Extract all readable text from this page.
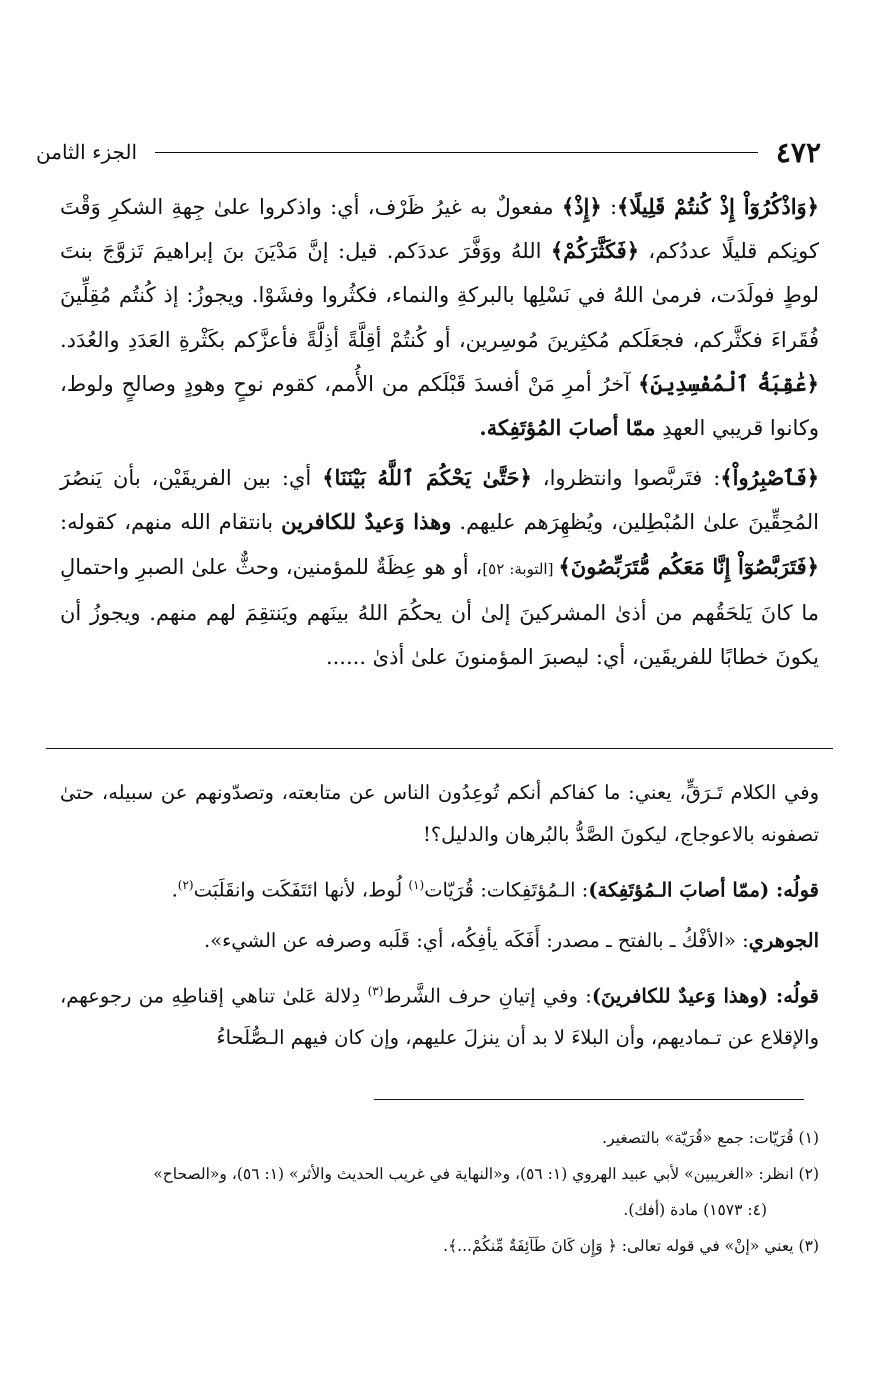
٤٧٢
الجزء الثامن

﴿وَاذْكُرُوٓاْ إِذْ كُنتُمْ قَلِيلًا﴾: ﴿إِذْ﴾ مفعولٌ به غيرُ ظَرْف، أي: واذكروا علىٰ جِهةِ الشكرِ وَقْتَ كونِكم قليلًا عددُكم، ﴿فَكَثَّرَكُمْ﴾ اللهُ ووَفَّرَ عددَكم. قيل: إنَّ مَدْيَنَ بنَ إبراهيمَ تَزوَّجَ بنتَ لوطٍ فولَدَت، فرمىٰ اللهُ في نَسْلِها بالبركةِ والنماء، فكثُروا وفشَوْا. ويجوزُ: إذ كُنتُم مُقِلِّينَ فُقَراءَ فكثَّركم، فجعَلَكم مُكثِرينَ مُوسِرين، أو كُنتُمْ أقِلَّةً أذِلَّةً فأعزَّكم بكَثْرةِ العَدَدِ والعُدَد. ﴿عَٰقِبَةُ ٱلْمُفْسِدِينَ﴾ آخرُ أمرِ مَنْ أفسدَ قَبْلَكم من الأُمم، كقوم نوحٍ وهودٍ وصالحٍ ولوط، وكانوا قريبي العهدِ ممّا أصابَ المُؤتَفِكة.

﴿فَٱصْبِرُواْ﴾: فتَربَّصوا وانتظروا، ﴿حَتَّىٰ يَحْكُمَ ٱللَّهُ بَيْنَنَا﴾ أي: بين الفريقَيْن، بأن يَنصُرَ المُحِقِّينَ علىٰ المُبْطِلين، ويُظهِرَهم عليهم. وهذا وَعيدٌ للكافرين بانتقام الله منهم، كقوله: ﴿فَتَرَبَّصُوٓاْ إِنَّا مَعَكُم مُّتَرَبِّصُونَ﴾ [التوبة: ٥٢]، أو هو عِظَةٌ للمؤمنين، وحثٌّ علىٰ الصبرِ واحتمالِ ما كانَ يَلحَقُهم من أذىٰ المشركينَ إلىٰ أن يحكُمَ اللهُ بينَهم ويَنتقِمَ لهم منهم. ويجوزُ أن يكونَ خطابًا للفريقَين، أي: ليصبرَ المؤمنونَ علىٰ أذىٰ ......

وفي الكلام تَـرَقٍّ، يعني: ما كفاكم أنكم تُوعِدُون الناس عن متابعته، وتصدّونهم عن سبيله، حتىٰ تصفونه بالاعوجاج، ليكونَ الصَّدُّ بالبُرهان والدليل؟!

قولُه: (ممّا أصابَ الـمُؤتَفِكة): الـمُؤتَفِكات: قُرَيّات$^{(١)}$ لُوط، لأنها ائتَفَكَت وانقَلَبَت$^{(٢)}$.

الجوهري: «الأفْكُ ـ بالفتح ـ مصدر: أَفَكَه يأفِكُه، أي: قَلَبه وصرفه عن الشيء».

قولُه: (وهذا وَعيدٌ للكافرينَ): وفي إتيانِ حرف الشَّرط$^{(٣)}$ دِلالة عَلىٰ تناهي إقناطِهِ من رجوعهم، والإقلاع عن تـماديهم، وأن البلاءَ لا بد أن ينزلَ عليهم، وإن كان فيهم الـصُّلَحاءُ

(١) قُرَيّات: جمع «قُرَيّة» بالتصغير.

(٢) انظر: «الغريبين» لأبي عبيد الهروي (١: ٥٦)، و«النهاية في غريب الحديث والأثر» (١: ٥٦)، و«الصحاح»

(٤: ١٥٧٣) مادة (أفك).

(٣) يعني «إنْ» في قوله تعالى: ﴿ وَإِن كَانَ طَآئِفَةٌ مِّنكُمْ...﴾.
